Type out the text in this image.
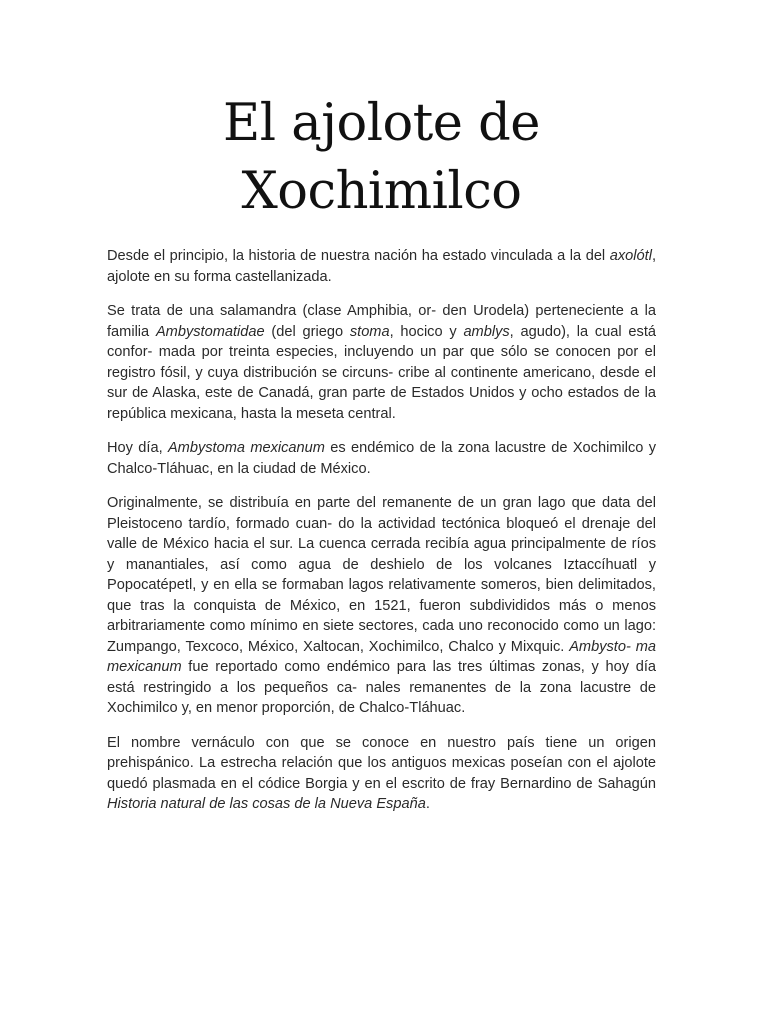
El ajolote de
Xochimilco

Desde el principio, la historia de nuestra nación ha estado vinculada a la del axolótl, ajolote en su forma castellanizada.

Se trata de una salamandra (clase Amphibia, or- den Urodela) perteneciente a la familia Ambystomatidae (del griego stoma, hocico y amblys, agudo), la cual está confor- mada por treinta especies, incluyendo un par que sólo se conocen por el registro fósil, y cuya distribución se circuns- cribe al continente americano, desde el sur de Alaska, este de Canadá, gran parte de Estados Unidos y ocho estados de la república mexicana, hasta la meseta central.

Hoy día, Ambystoma mexicanum es endémico de la zona lacustre de Xochimilco y Chalco-Tláhuac, en la ciudad de México.

Originalmente, se distribuía en parte del remanente de un gran lago que data del Pleistoceno tardío, formado cuan- do la actividad tectónica bloqueó el drenaje del valle de México hacia el sur. La cuenca cerrada recibía agua principalmente de ríos y manantiales, así como agua de deshielo de los volcanes Iztaccíhuatl y Popocatépetl, y en ella se formaban lagos relativamente someros, bien delimitados, que tras la conquista de México, en 1521, fueron subdivididos más o menos arbitrariamente como mínimo en siete sectores, cada uno reconocido como un lago: Zumpango, Texcoco, México, Xaltocan, Xochimilco, Chalco y Mixquic. Ambysto- ma mexicanum fue reportado como endémico para las tres últimas zonas, y hoy día está restringido a los pequeños ca- nales remanentes de la zona lacustre de Xochimilco y, en menor proporción, de Chalco-Tláhuac.

El nombre vernáculo con que se conoce en nuestro país tiene un origen prehispánico. La estrecha relación que los antiguos mexicas poseían con el ajolote quedó plasmada en el códice Borgia y en el escrito de fray Bernardino de Sahagún Historia natural de las cosas de la Nueva España.
